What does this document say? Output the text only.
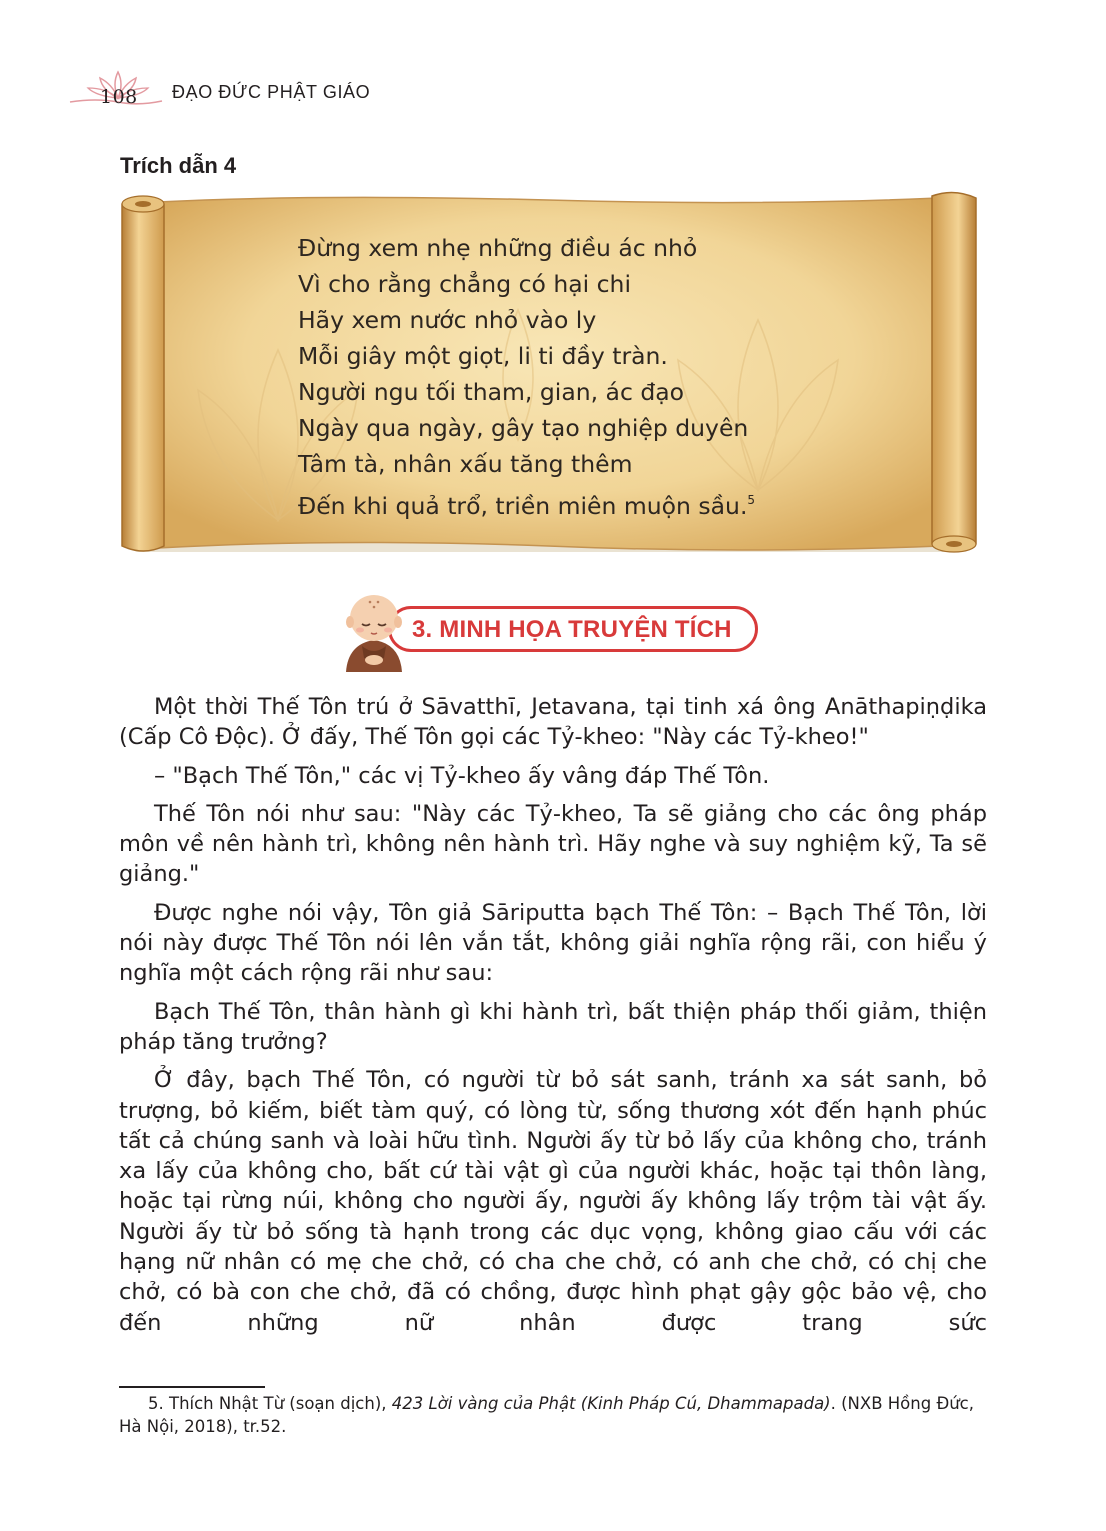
108 ĐẠO ĐỨC PHẬT GIÁO
Trích dẫn 4
Đừng xem nhẹ những điều ác nhỏ
Vì cho rằng chẳng có hại chi
Hãy xem nước nhỏ vào ly
Mỗi giây một giọt, li ti đầy tràn.
Người ngu tối tham, gian, ác đạo
Ngày qua ngày, gây tạo nghiệp duyên
Tâm tà, nhân xấu tăng thêm
Đến khi quả trổ, triền miên muộn sầu.$^5$
3. MINH HỌA TRUYỆN TÍCH

Một thời Thế Tôn trú ở Sāvatthī, Jetavana, tại tinh xá ông Anāthapiṇḍika (Cấp Cô Độc). Ở đấy, Thế Tôn gọi các Tỷ-kheo: "Này các Tỷ-kheo!"

– "Bạch Thế Tôn," các vị Tỷ-kheo ấy vâng đáp Thế Tôn.

Thế Tôn nói như sau: "Này các Tỷ-kheo, Ta sẽ giảng cho các ông pháp môn về nên hành trì, không nên hành trì. Hãy nghe và suy nghiệm kỹ, Ta sẽ giảng."

Được nghe nói vậy, Tôn giả Sāriputta bạch Thế Tôn: – Bạch Thế Tôn, lời nói này được Thế Tôn nói lên vắn tắt, không giải nghĩa rộng rãi, con hiểu ý nghĩa một cách rộng rãi như sau:

Bạch Thế Tôn, thân hành gì khi hành trì, bất thiện pháp thối giảm, thiện pháp tăng trưởng?

Ở đây, bạch Thế Tôn, có người từ bỏ sát sanh, tránh xa sát sanh, bỏ trượng, bỏ kiếm, biết tàm quý, có lòng từ, sống thương xót đến hạnh phúc tất cả chúng sanh và loài hữu tình. Người ấy từ bỏ lấy của không cho, tránh xa lấy của không cho, bất cứ tài vật gì của người khác, hoặc tại thôn làng, hoặc tại rừng núi, không cho người ấy, người ấy không lấy trộm tài vật ấy. Người ấy từ bỏ sống tà hạnh trong các dục vọng, không giao cấu với các hạng nữ nhân có mẹ che chở, có cha che chở, có anh che chở, có chị che chở, có bà con che chở, đã có chồng, được hình phạt gậy gộc bảo vệ, cho đến những nữ nhân được trang sức

5. Thích Nhật Từ (soạn dịch), 423 Lời vàng của Phật (Kinh Pháp Cú, Dhammapada). (NXB Hồng Đức, Hà Nội, 2018), tr.52.
